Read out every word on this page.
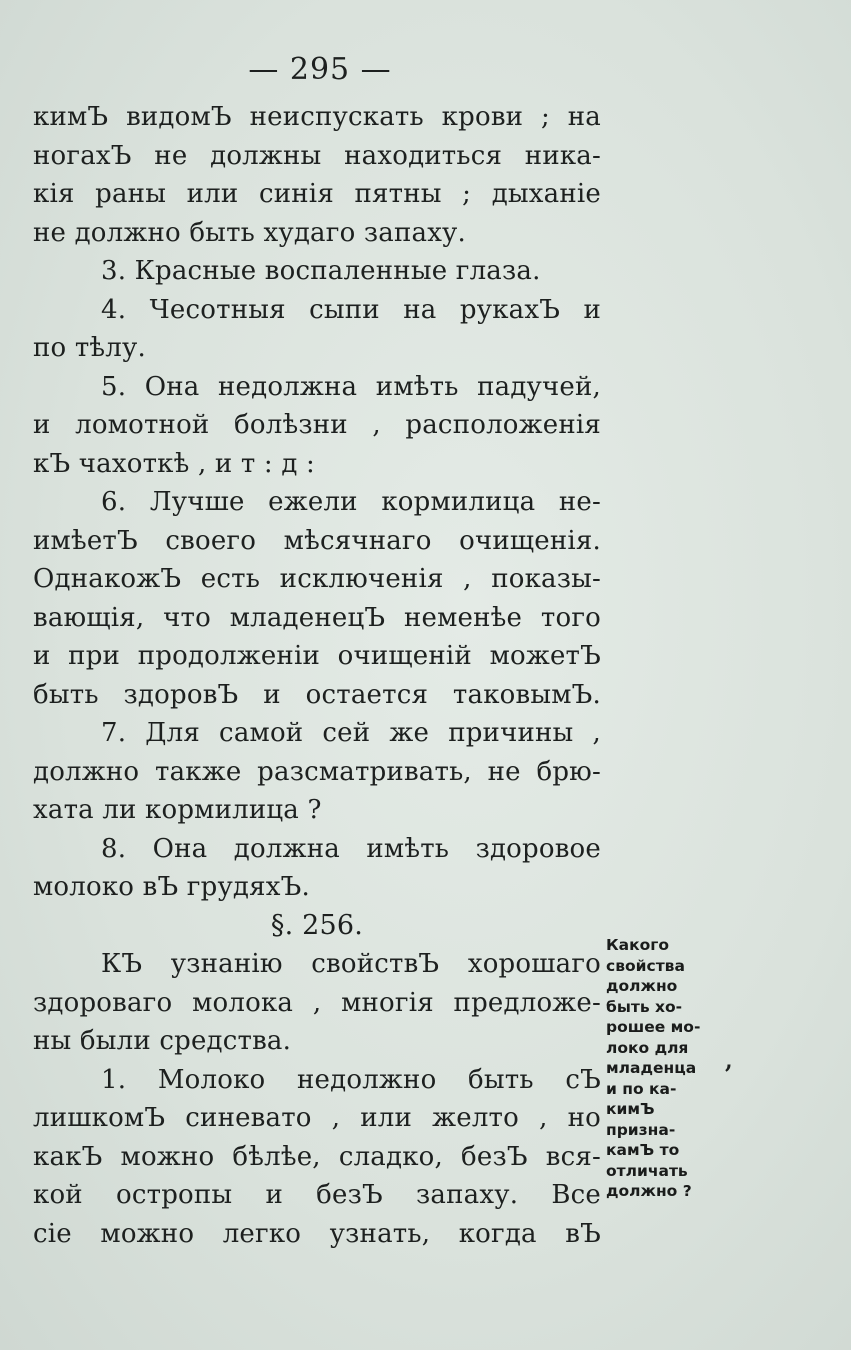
— 295 —
кимЪ видомЪ неиспускать крови ; на
ногахЪ не должны находиться ника-
кія раны или синія пятны ; дыханіе
не должно быть худаго запаху.
3. Красные воспаленные глаза.
4. Чесотныя сыпи на рукахЪ и
по тѣлу.
5. Она недолжна имѣть падучей,
и ломотной болѣзни , расположенія
кЪ чахоткѣ , и т : д :
6. Лучше ежели кормилица не-
имѣетЪ своего мѣсячнаго очищенія.
ОднакожЪ есть исключенія , показы-
вающія, что младенецЪ неменѣе того
и при продолженіи очищеній можетЪ
быть здоровЪ и остается таковымЪ.
7. Для самой сей же причины ,
должно также разсматривать, не брю-
хата ли кормилица ?
8. Она должна имѣть здоровое
молоко вЪ грудяхЪ.
§. 256.
КЪ узнанію свойствЪ хорошаго
здороваго молока , многія предложе-
ны были средства.
1. Молоко недолжно быть сЪ
лишкомЪ синевато , или желто , но
какЪ можно бѣлѣе, сладко, безЪ вся-
кой остропы и безЪ запаху. Все
сіе можно легко узнать, когда вЪ
Какого
свойства
должно
быть хо-
рошее мо-
локо для
младенца
и по ка-
кимЪ
призна-
камЪ то
отличать
должно ?
,
